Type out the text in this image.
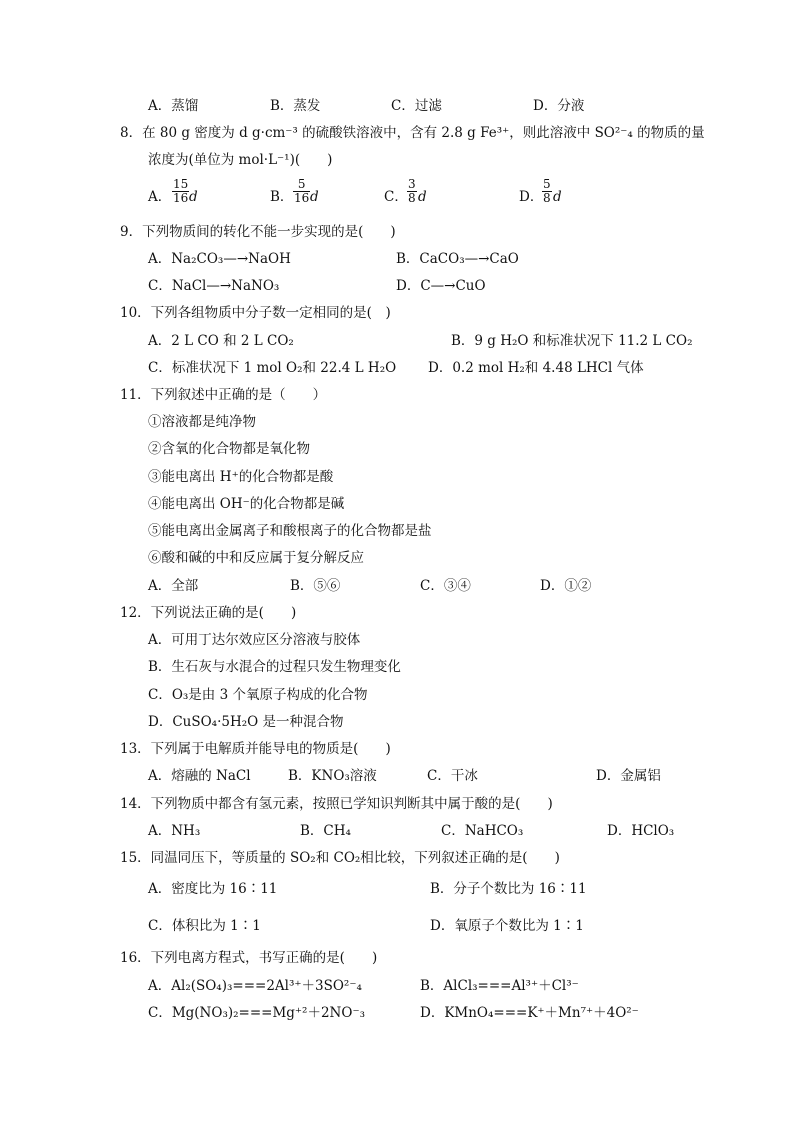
A．蒸馏	B．蒸发	C．过滤	D．分液
8．在 80 g 密度为 d g·cm⁻³ 的硫酸铁溶液中，含有 2.8 g Fe³⁺，则此溶液中 SO²⁻₄ 的物质的量
浓度为(单位为 mol·L⁻¹)(　　)
A． $\frac{15}{16}$ d	B． $\frac{5}{16}$ d	C． $\frac{3}{8}$ d	D．
$\frac{5}{8}$ d
9．下列物质间的转化不能一步实现的是(　　)
A．Na₂CO₃—→NaOH	B．CaCO₃—→CaO
C．NaCl—→NaNO₃	D．C—→CuO
10．下列各组物质中分子数一定相同的是(　)
A．2 L CO 和 2 L CO₂	B．9 g H₂O 和标准状况下 11.2 L CO₂
C．标准状况下 1 mol O₂和 22.4 L H₂O D．0.2 mol H₂和 4.48 LHCl 气体
11．下列叙述中正确的是（　　）
①溶液都是纯净物
②含氧的化合物都是氧化物
③能电离出 H⁺的化合物都是酸
④能电离出 OH⁻的化合物都是碱
⑤能电离出金属离子和酸根离子的化合物都是盐
⑥酸和碱的中和反应属于复分解反应
A．全部	B．⑤⑥	C．③④	D．①②
12．下列说法正确的是(　　)
A．可用丁达尔效应区分溶液与胶体
B．生石灰与水混合的过程只发生物理变化
C．O₃是由 3 个氧原子构成的化合物
D．CuSO₄·5H₂O 是一种混合物
13．下列属于电解质并能导电的物质是(　　)
A．熔融的 NaCl	B．KNO₃溶液	C．干冰	D．金属铝
14．下列物质中都含有氢元素，按照已学知识判断其中属于酸的是(　　)
A．NH₃	B．CH₄	C．NaHCO₃	D．HClO₃
15．同温同压下，等质量的 SO₂和 CO₂相比较，下列叙述正确的是(　　)
A．密度比为 16∶11	B．分子个数比为 16∶11
C．体积比为 1∶1	D．氧原子个数比为 1∶1
16．下列电离方程式，书写正确的是(　　)
A．Al₂(SO₄)₃===2Al³⁺＋3SO²⁻₄	B．AlCl₃===Al³⁺＋Cl³⁻
C．Mg(NO₃)₂===Mg⁺²＋2NO⁻₃	D．KMnO₄===K⁺＋Mn⁷⁺＋4O²⁻
